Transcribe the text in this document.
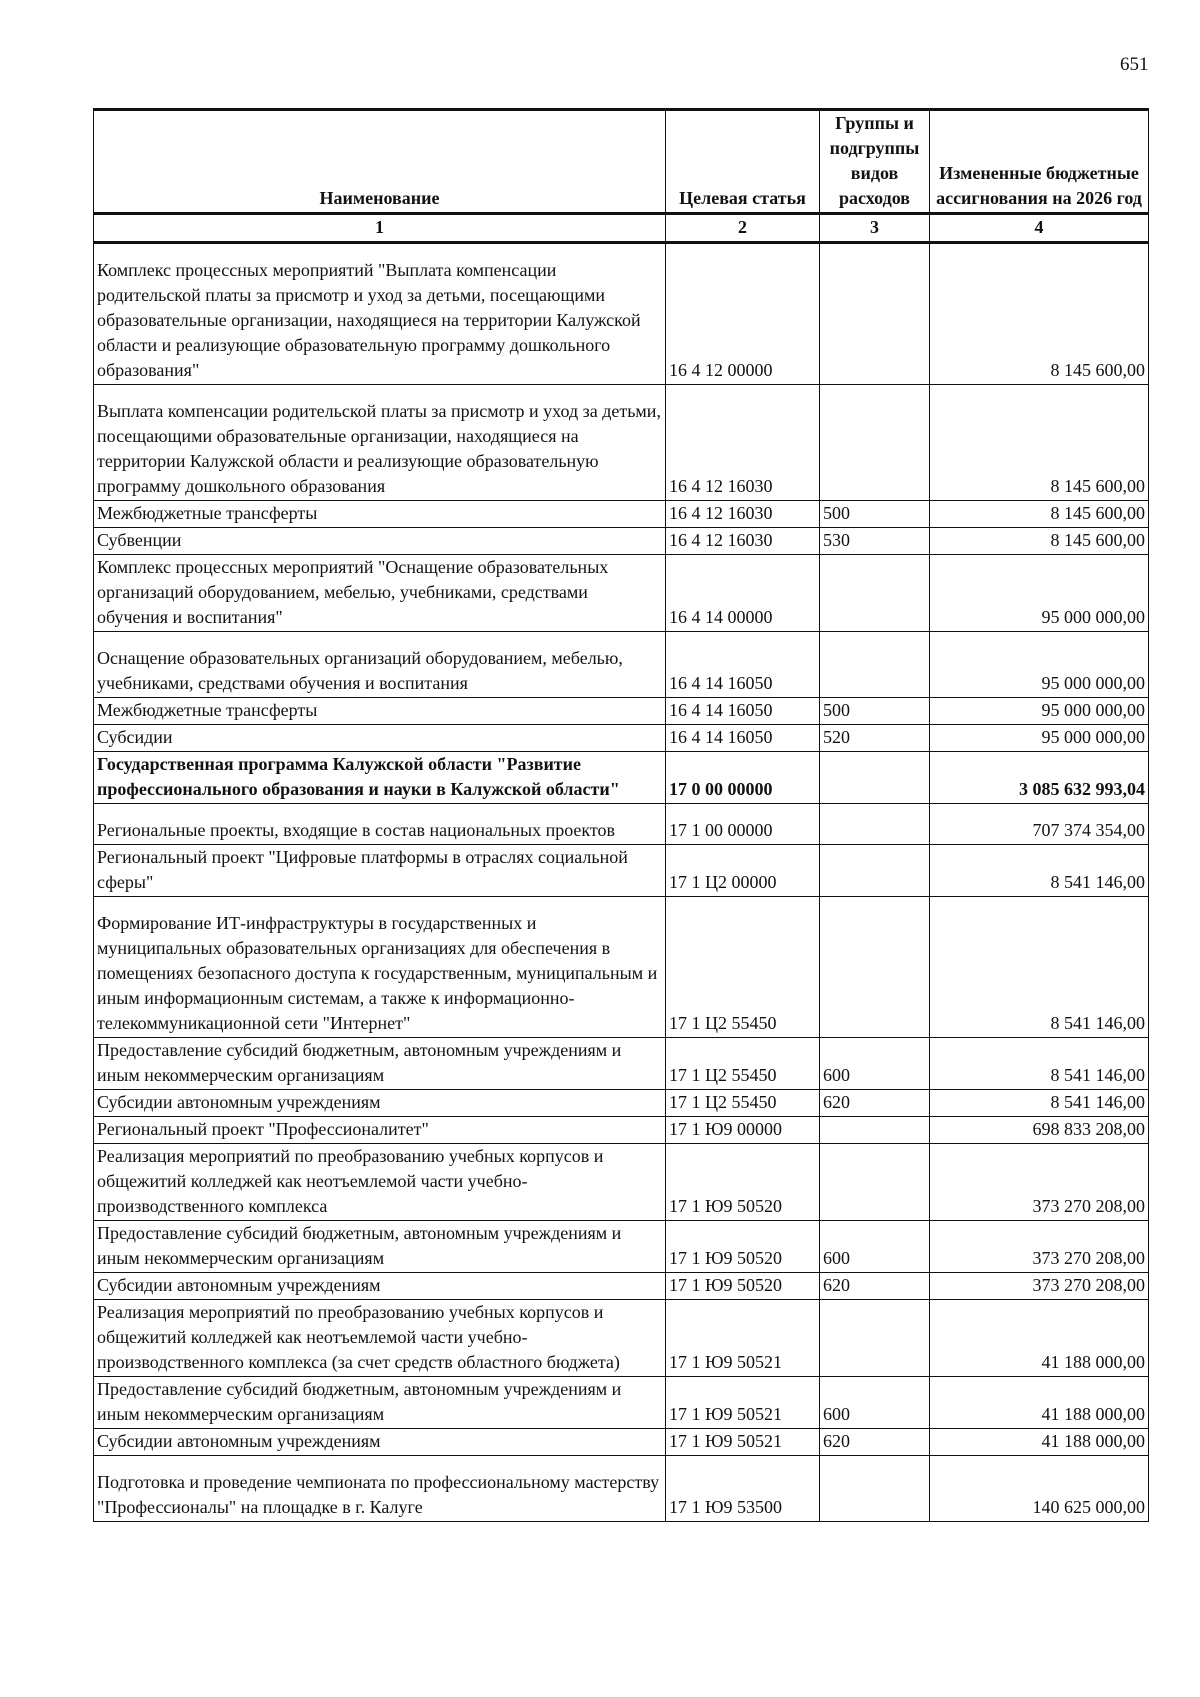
651
Наименование	Целевая статья	Группы и подгруппы видов расходов	Измененные бюджетные ассигнования на 2026 год
1	2	3	4
Комплекс процессных мероприятий "Выплата компенсации родительской платы за присмотр и уход за детьми, посещающими образовательные организации, находящиеся на территории Калужской области и реализующие образовательную программу дошкольного образования"	16 4 12 00000		8 145 600,00
Выплата компенсации родительской платы за присмотр и уход за детьми, посещающими образовательные организации, находящиеся на территории Калужской области и реализующие образовательную программу дошкольного образования	16 4 12 16030		8 145 600,00
Межбюджетные трансферты	16 4 12 16030	500	8 145 600,00
Субвенции	16 4 12 16030	530	8 145 600,00
Комплекс процессных мероприятий "Оснащение образовательных организаций оборудованием, мебелью, учебниками, средствами обучения и воспитания"	16 4 14 00000		95 000 000,00
Оснащение образовательных организаций оборудованием, мебелью, учебниками, средствами обучения и воспитания	16 4 14 16050		95 000 000,00
Межбюджетные трансферты	16 4 14 16050	500	95 000 000,00
Субсидии	16 4 14 16050	520	95 000 000,00
Государственная программа Калужской области "Развитие профессионального образования и науки в Калужской области"	17 0 00 00000		3 085 632 993,04
Региональные проекты, входящие в состав национальных проектов	17 1 00 00000		707 374 354,00
Региональный проект "Цифровые платформы в отраслях социальной сферы"	17 1 Ц2 00000		8 541 146,00
Формирование ИТ-инфраструктуры в государственных и муниципальных образовательных организациях для обеспечения в помещениях безопасного доступа к государственным, муниципальным и иным информационным системам, а также к информационно-телекоммуникационной сети "Интернет"	17 1 Ц2 55450		8 541 146,00
Предоставление субсидий бюджетным, автономным учреждениям и иным некоммерческим организациям	17 1 Ц2 55450	600	8 541 146,00
Субсидии автономным учреждениям	17 1 Ц2 55450	620	8 541 146,00
Региональный проект "Профессионалитет"	17 1 Ю9 00000		698 833 208,00
Реализация мероприятий по преобразованию учебных корпусов и общежитий колледжей как неотъемлемой части учебно-производственного комплекса	17 1 Ю9 50520		373 270 208,00
Предоставление субсидий бюджетным, автономным учреждениям и иным некоммерческим организациям	17 1 Ю9 50520	600	373 270 208,00
Субсидии автономным учреждениям	17 1 Ю9 50520	620	373 270 208,00
Реализация мероприятий по преобразованию учебных корпусов и общежитий колледжей как неотъемлемой части учебно-производственного комплекса (за счет средств областного бюджета)	17 1 Ю9 50521		41 188 000,00
Предоставление субсидий бюджетным, автономным учреждениям и иным некоммерческим организациям	17 1 Ю9 50521	600	41 188 000,00
Субсидии автономным учреждениям	17 1 Ю9 50521	620	41 188 000,00
Подготовка и проведение чемпионата по профессиональному мастерству "Профессионалы" на площадке в г. Калуге	17 1 Ю9 53500		140 625 000,00
